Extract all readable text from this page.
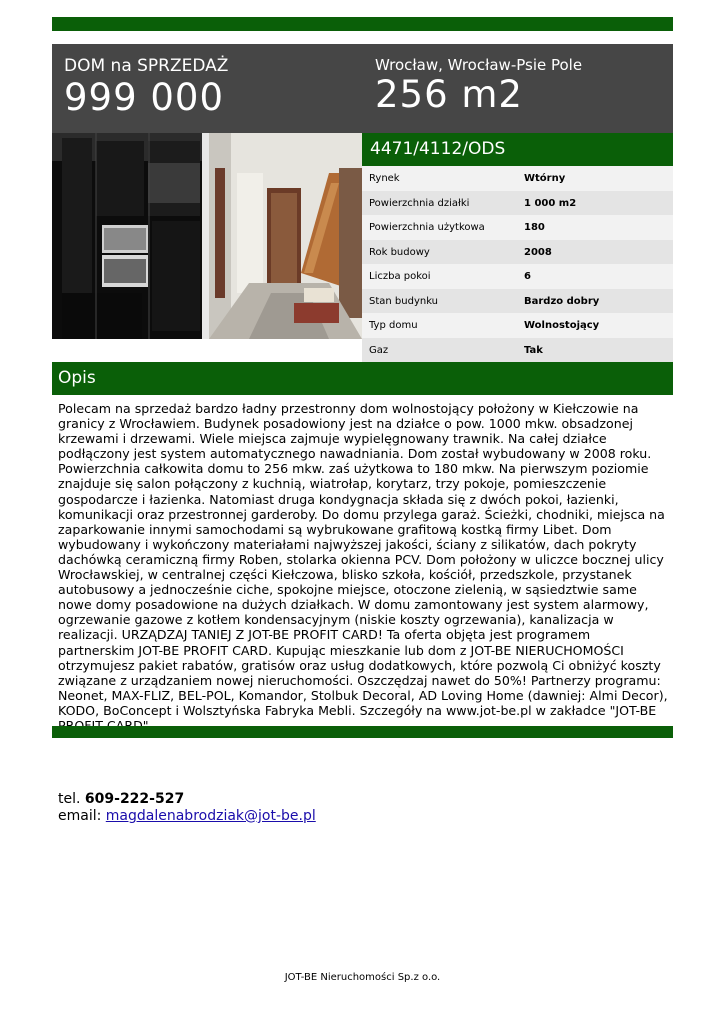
DOM na SPRZEDAŻ
999 000
Wrocław, Wrocław-Psie Pole
256 m2
4471/4112/ODS
Rynek	Wtórny
Powierzchnia działki	1 000 m2
Powierzchnia użytkowa	180
Rok budowy	2008
Liczba pokoi	6
Stan budynku	Bardzo dobry
Typ domu	Wolnostojący
Gaz	Tak
Opis
Polecam na sprzedaż bardzo ładny przestronny dom wolnostojący położony w Kiełczowie na granicy z Wrocławiem. Budynek posadowiony jest na działce o pow. 1000 mkw. obsadzonej krzewami i drzewami. Wiele miejsca zajmuje wypielęgnowany trawnik. Na całej działce podłączony jest system automatycznego nawadniania. Dom został wybudowany w 2008 roku. Powierzchnia całkowita domu to 256 mkw. zaś użytkowa to 180 mkw. Na pierwszym poziomie znajduje się salon połączony z kuchnią, wiatrołap, korytarz, trzy pokoje, pomieszczenie gospodarcze i łazienka. Natomiast druga kondygnacja składa się z dwóch pokoi, łazienki, komunikacji oraz przestronnej garderoby. Do domu przylega garaż. Ścieżki, chodniki, miejsca na zaparkowanie innymi samochodami są wybrukowane grafitową kostką firmy Libet. Dom wybudowany i wykończony materiałami najwyższej jakości, ściany z silikatów, dach pokryty dachówką ceramiczną firmy Roben, stolarka okienna PCV. Dom położony w uliczce bocznej ulicy Wrocławskiej, w centralnej części Kiełczowa, blisko szkoła, kościół, przedszkole, przystanek autobusowy a jednocześnie ciche, spokojne miejsce, otoczone zielenią, w sąsiedztwie same nowe domy posadowione na dużych działkach. W domu zamontowany jest system alarmowy, ogrzewanie gazowe z kotłem kondensacyjnym (niskie koszty ogrzewania), kanalizacja w realizacji. URZĄDZAJ TANIEJ Z JOT-BE PROFIT CARD! Ta oferta objęta jest programem partnerskim JOT-BE PROFIT CARD. Kupując mieszkanie lub dom z JOT-BE NIERUCHOMOŚCI otrzymujesz pakiet rabatów, gratisów oraz usług dodatkowych, które pozwolą Ci obniżyć koszty związane z urządzaniem nowej nieruchomości. Oszczędzaj nawet do 50%! Partnerzy programu: Neonet, MAX-FLIZ, BEL-POL, Komandor, Stolbuk Decoral, AD Loving Home (dawniej: Almi Decor), KODO, BoConcept i Wolsztyńska Fabryka Mebli. Szczegóły na www.jot-be.pl w zakładce "JOT-BE
tel. 609-222-527
email: magdalenabrodziak@jot-be.pl
JOT-BE Nieruchomości Sp.z o.o.
